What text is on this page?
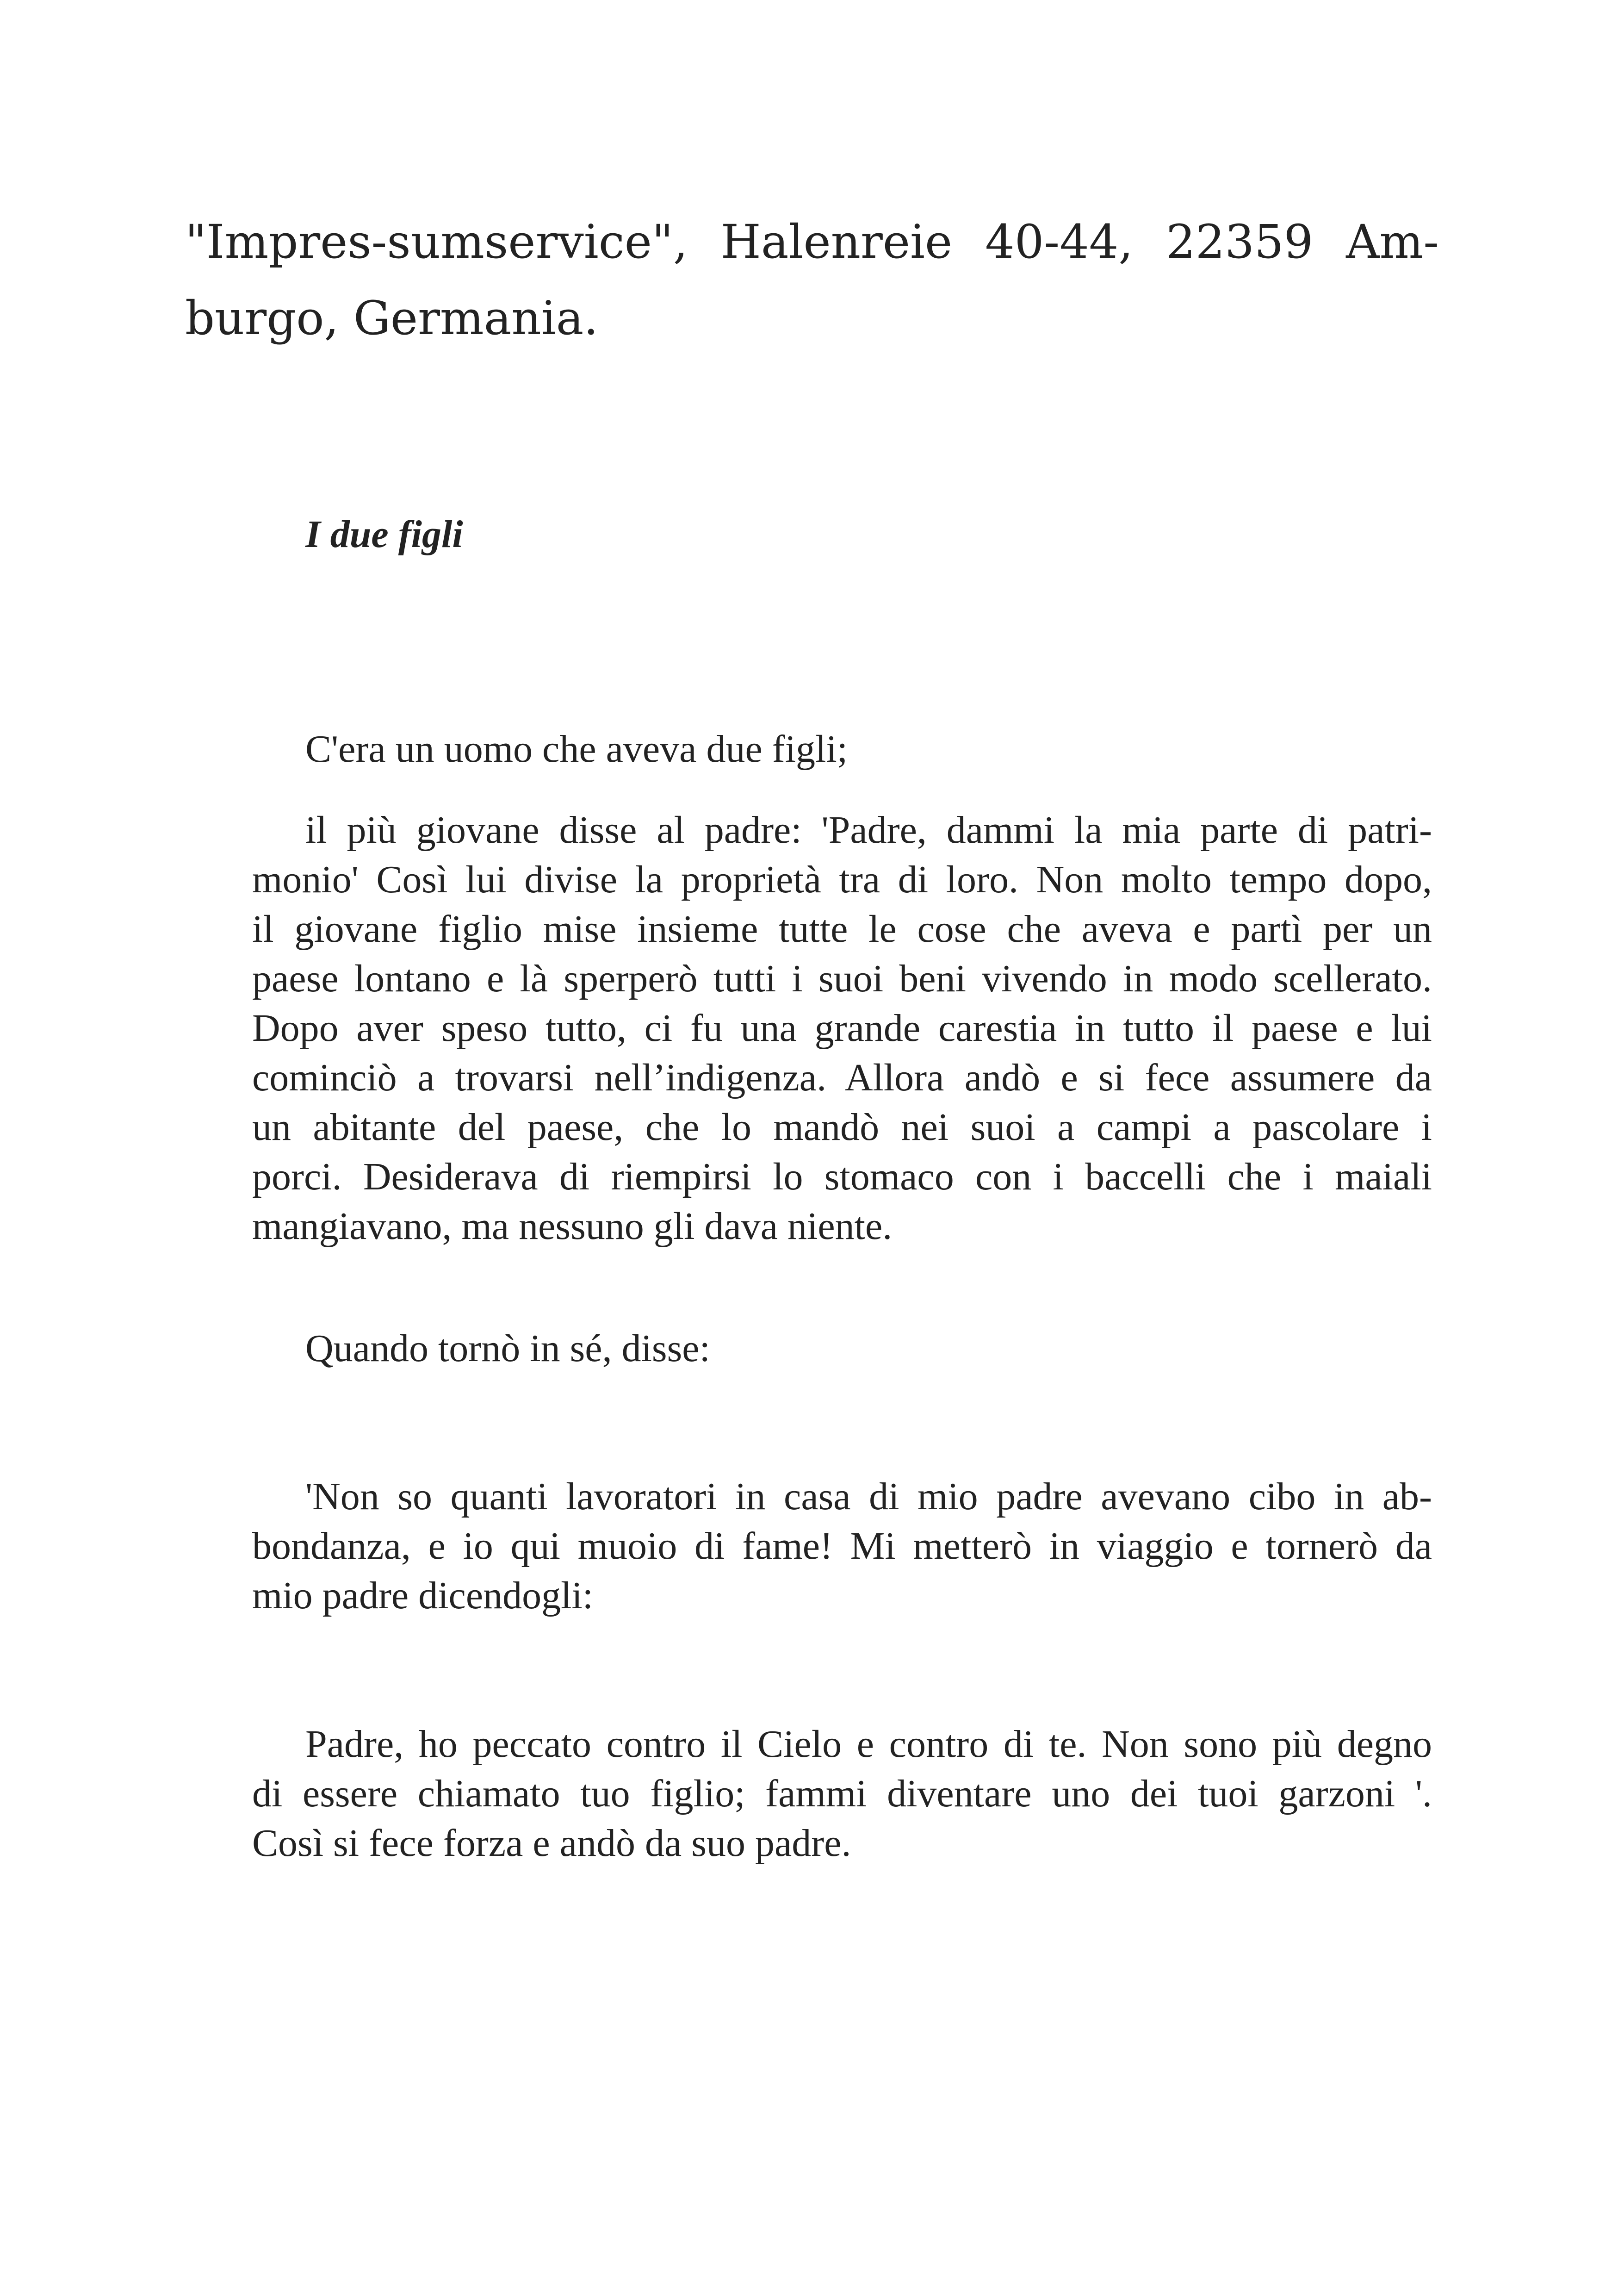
"Impres-sumservice", Halenreie 40-44, 22359 Am-
burgo, Germania.
I due figli
C'era un uomo che aveva due figli;
il più giovane disse al padre: 'Padre, dammi la mia parte di patri-
monio' Così lui divise la proprietà tra di loro. Non molto tempo dopo,
il giovane figlio mise insieme tutte le cose che aveva e partì per un
paese lontano e là sperperò tutti i suoi beni vivendo in modo scellerato.
Dopo aver speso tutto, ci fu una grande carestia in tutto il paese e lui
cominciò a trovarsi nell’indigenza. Allora andò e si fece assumere da
un abitante del paese, che lo mandò nei suoi a campi a pascolare i
porci. Desiderava di riempirsi lo stomaco con i baccelli che i maiali
mangiavano, ma nessuno gli dava niente.
Quando tornò in sé, disse:
'Non so quanti lavoratori in casa di mio padre avevano cibo in ab-
bondanza, e io qui muoio di fame! Mi metterò in viaggio e tornerò da
mio padre dicendogli:
Padre, ho peccato contro il Cielo e contro di te. Non sono più degno
di essere chiamato tuo figlio; fammi diventare uno dei tuoi garzoni '.
Così si fece forza e andò da suo padre.
